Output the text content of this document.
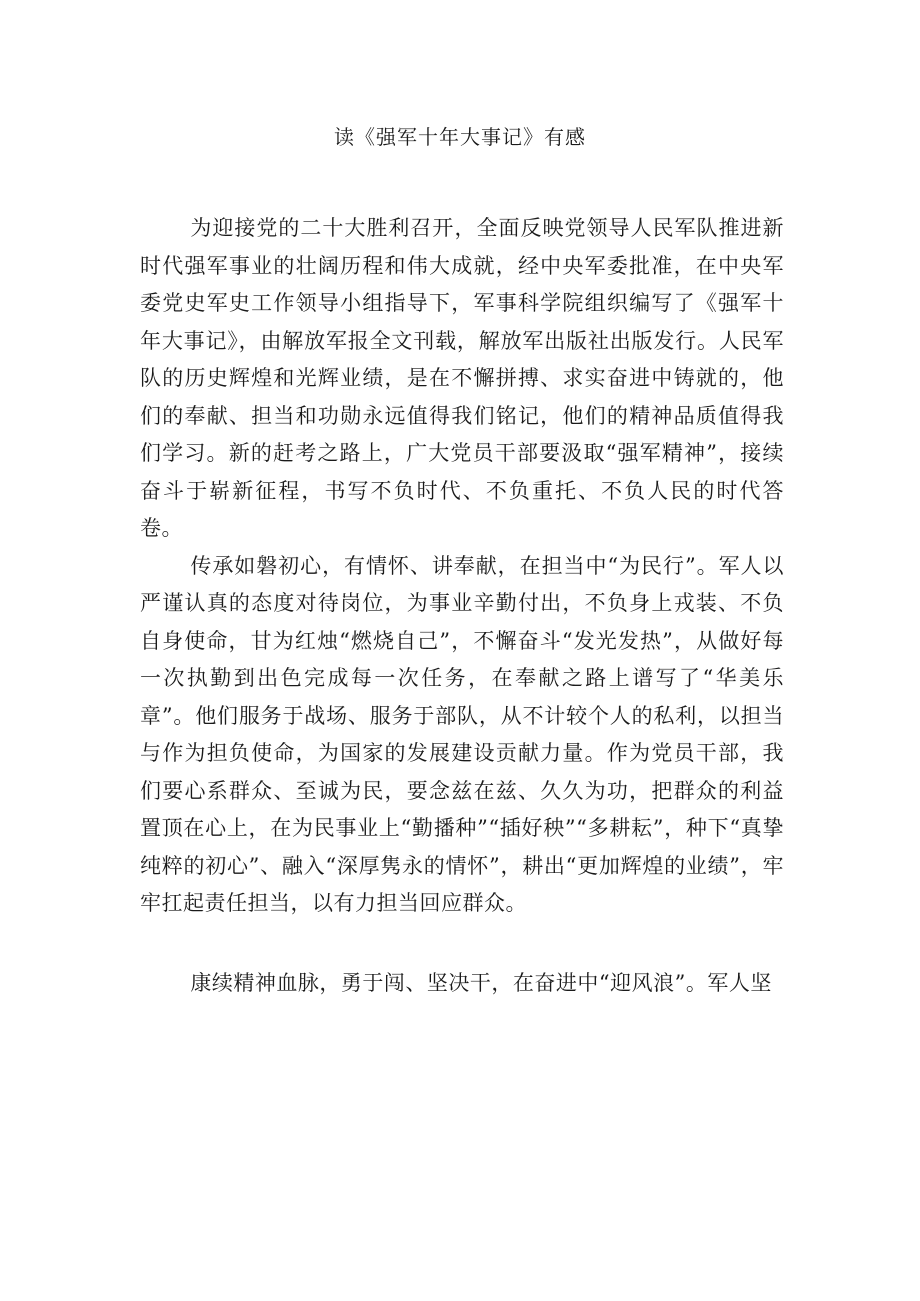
读《强军十年大事记》有感

为迎接党的二十大胜利召开，全面反映党领导人民军队推进新时代强军事业的壮阔历程和伟大成就，经中央军委批准，在中央军委党史军史工作领导小组指导下，军事科学院组织编写了《强军十年大事记》，由解放军报全文刊载，解放军出版社出版发行。人民军队的历史辉煌和光辉业绩，是在不懈拼搏、求实奋进中铸就的，他们的奉献、担当和功勋永远值得我们铭记，他们的精神品质值得我们学习。新的赶考之路上，广大党员干部要汲取“强军精神”，接续奋斗于崭新征程，书写不负时代、不负重托、不负人民的时代答卷。

传承如磐初心，有情怀、讲奉献，在担当中“为民行”。军人以严谨认真的态度对待岗位，为事业辛勤付出，不负身上戎装、不负自身使命，甘为红烛“燃烧自己”，不懈奋斗“发光发热”，从做好每一次执勤到出色完成每一次任务，在奉献之路上谱写了“华美乐章”。他们服务于战场、服务于部队，从不计较个人的私利，以担当与作为担负使命，为国家的发展建设贡献力量。作为党员干部，我们要心系群众、至诚为民，要念兹在兹、久久为功，把群众的利益置顶在心上，在为民事业上“勤播种”“插好秧”“多耕耘”，种下“真挚纯粹的初心”、融入“深厚隽永的情怀”，耕出“更加辉煌的业绩”，牢牢扛起责任担当，以有力担当回应群众。

康续精神血脉，勇于闯、坚决干，在奋进中“迎风浪”。军人坚
